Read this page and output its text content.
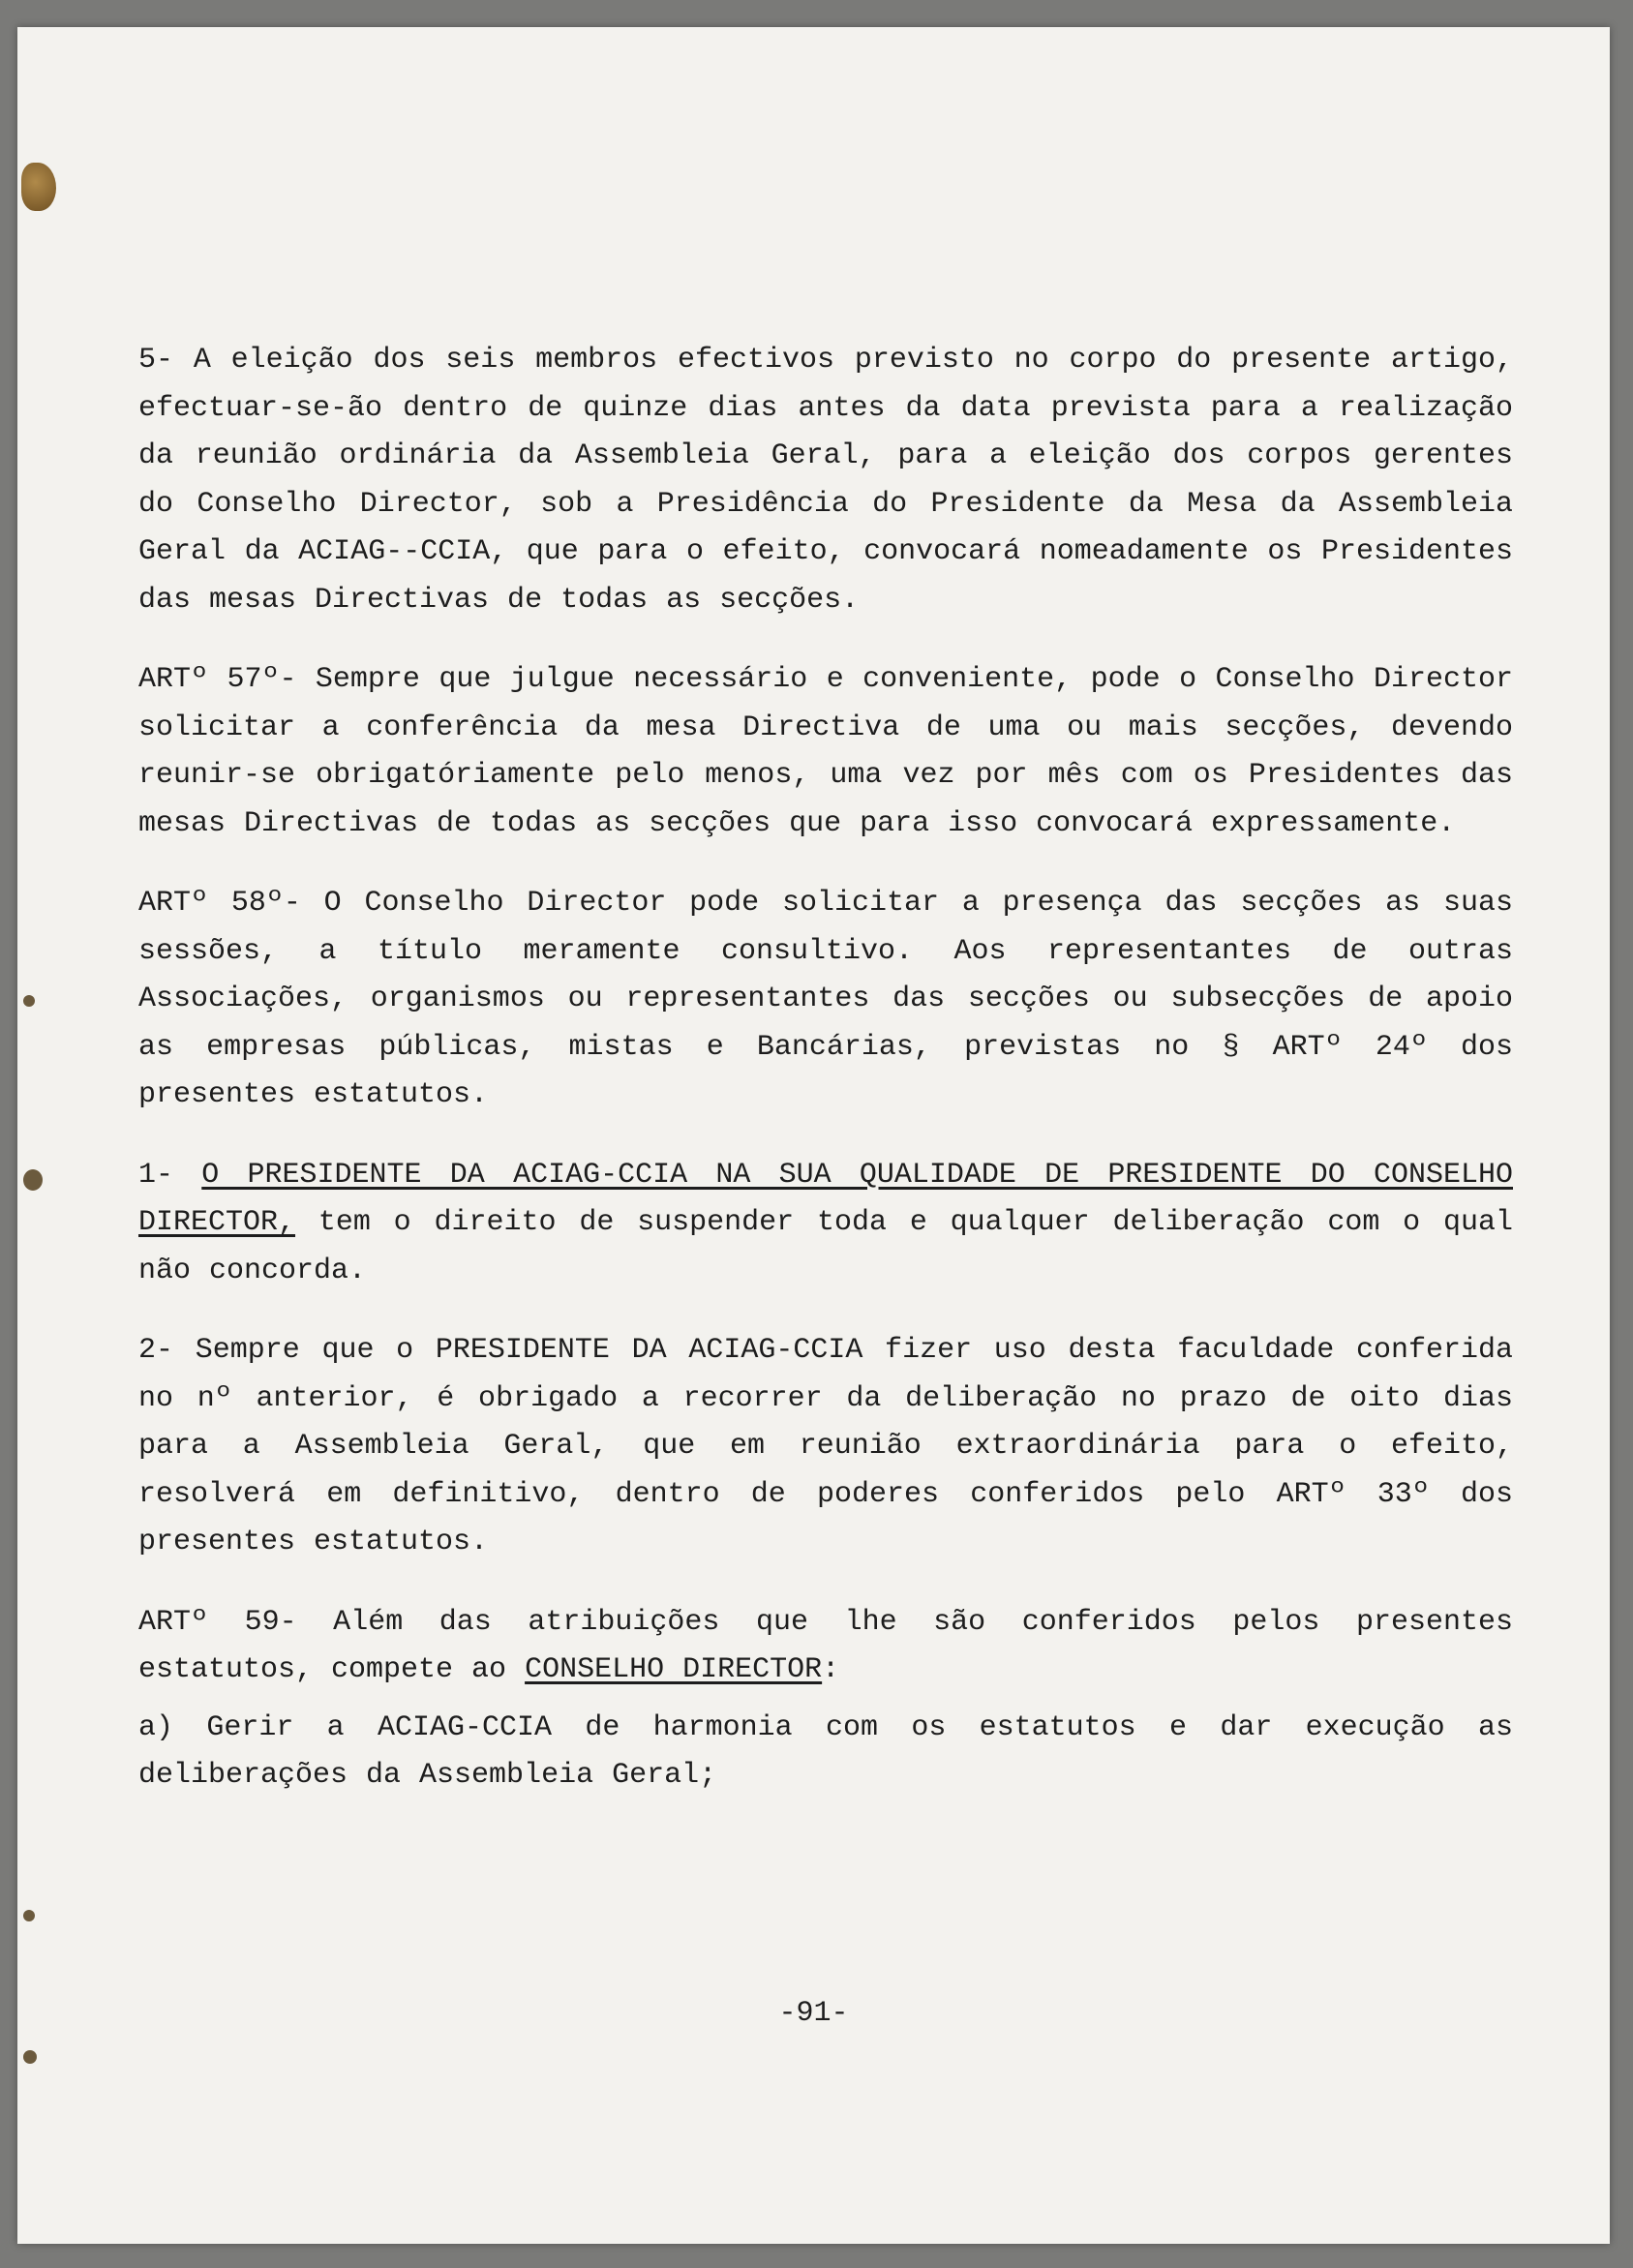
5- A eleição dos seis membros efectivos previsto no corpo do presente artigo, efectuar-se-ão dentro de quinze dias antes da data prevista para a realização da reunião ordinária da Assembleia Geral, para a eleição dos corpos gerentes do Conselho Director, sob a Presidência do Presidente da Mesa da Assembleia Geral da ACIAG--CCIA, que para o efeito, convocará nomeadamente os Presidentes das mesas Directivas de todas as secções.

ARTº 57º- Sempre que julgue necessário e conveniente, pode o Conselho Director solicitar a conferência da mesa Directiva de uma ou mais secções, devendo reunir-se obrigatóriamente pelo menos, uma vez por mês com os Presidentes das mesas Directivas de todas as secções que para isso convocará expressamente.

ARTº 58º- O Conselho Director pode solicitar a presença das secções as suas sessões, a título meramente consultivo. Aos representantes de outras Associações, organismos ou representantes das secções ou subsecções de apoio as empresas públicas, mistas e Bancárias, previstas no § ARTº 24º dos presentes estatutos.

1- O PRESIDENTE DA ACIAG-CCIA NA SUA QUALIDADE DE PRESIDENTE DO CONSELHO DIRECTOR, tem o direito de suspender toda e qualquer deliberação com o qual não concorda.

2- Sempre que o PRESIDENTE DA ACIAG-CCIA fizer uso desta faculdade conferida no nº anterior, é obrigado a recorrer da deliberação no prazo de oito dias para a Assembleia Geral, que em reunião extraordinária para o efeito, resolverá em definitivo, dentro de poderes conferidos pelo ARTº 33º dos presentes estatutos.

ARTº 59- Além das atribuições que lhe são conferidos pelos presentes estatutos, compete ao CONSELHO DIRECTOR:

a) Gerir a ACIAG-CCIA de harmonia com os estatutos e dar execução as deliberações da Assembleia Geral;

-91-
